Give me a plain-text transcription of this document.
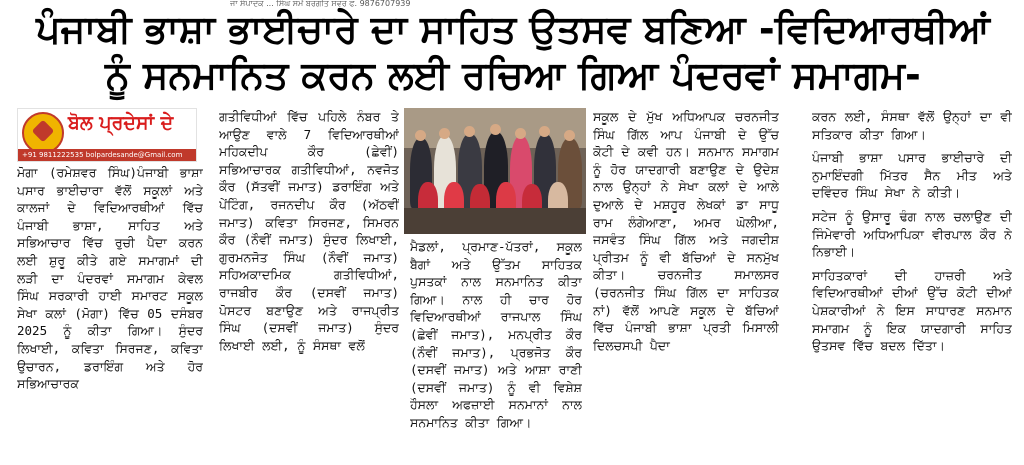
ਜਾ ਸੰਪਾਦਕ ... ਸਿੰਘ ਸਮੇਂ ਬਰਗੀਤ ਸਵਰ ਫ. 9876707939
ਪੰਜਾਬੀ ਭਾਸ਼ਾ ਭਾਈਚਾਰੇ ਦਾ ਸਾਹਿਤ ਉਤਸਵ ਬਣਿਆ -ਵਿਦਿਆਰਥੀਆਂ
ਨੂੰ ਸਨਮਾਨਿਤ ਕਰਨ ਲਈ ਰਚਿਆ ਗਿਆ ਪੰਦਰਵਾਂ ਸਮਾਗਮ-
ਬੋਲ ਪ੍ਰਦੇਸਾਂ ਦੇ
+91 9811222535 bolpardesande@Gmail.com

ਮੋਗਾ (ਰਮੇਸ਼ਵਰ ਸਿੰਘ)ਪੰਜਾਬੀ ਭਾਸ਼ਾ ਪਸਾਰ ਭਾਈਚਾਰਾ ਵੱਲੋਂ ਸਕੂਲਾਂ ਅਤੇ ਕਾਲਜਾਂ ਦੇ ਵਿਦਿਆਰਥੀਆਂ ਵਿੱਚ ਪੰਜਾਬੀ ਭਾਸ਼ਾ, ਸਾਹਿਤ ਅਤੇ ਸਭਿਆਚਾਰ ਵਿੱਚ ਰੁਚੀ ਪੈਦਾ ਕਰਨ ਲਈ ਸ਼ੁਰੂ ਕੀਤੇ ਗਏ ਸਮਾਗਮਾਂ ਦੀ ਲੜੀ ਦਾ ਪੰਦਰਵਾਂ ਸਮਾਗਮ ਕੇਵਲ ਸਿੰਘ ਸਰਕਾਰੀ ਹਾਈ ਸਮਾਰਟ ਸਕੂਲ ਸੇਖਾ ਕਲਾਂ (ਮੋਗਾ) ਵਿੱਚ 05 ਦਸੰਬਰ 2025 ਨੂੰ ਕੀਤਾ ਗਿਆ। ਸੁੰਦਰ ਲਿਖਾਈ, ਕਵਿਤਾ ਸਿਰਜਣ, ਕਵਿਤਾ ਉਚਾਰਨ, ਡਰਾਇੰਗ ਅਤੇ ਹੋਰ ਸਭਿਆਚਾਰਕ

ਗਤੀਵਿਧੀਆਂ ਵਿੱਚ ਪਹਿਲੇ ਨੰਬਰ ਤੇ ਆਉਣ ਵਾਲੇ 7 ਵਿਦਿਆਰਥੀਆਂ ਮਹਿਕਦੀਪ ਕੌਰ (ਛੇਵੀਂ) ਸਭਿਆਚਾਰਕ ਗਤੀਵਿਧੀਆਂ, ਨਵਜੋਤ ਕੌਰ (ਸੱਤਵੀਂ ਜਮਾਤ) ਡਰਾਇੰਗ ਅਤੇ ਪੇਂਟਿੰਗ, ਰਜਨਦੀਪ ਕੌਰ (ਅੱਠਵੀਂ ਜਮਾਤ) ਕਵਿਤਾ ਸਿਰਜਣ, ਸਿਮਰਨ ਕੌਰ (ਨੌਵੀਂ ਜਮਾਤ) ਸੁੰਦਰ ਲਿਖਾਈ, ਗੁਰਮਨਜੋਤ ਸਿੰਘ (ਨੌਵੀਂ ਜਮਾਤ) ਸਹਿਅਕਾਦਮਿਕ ਗਤੀਵਿਧੀਆਂ, ਰਾਜਬੀਰ ਕੌਰ (ਦਸਵੀਂ ਜਮਾਤ) ਪੋਸਟਰ ਬਣਾਉਣ ਅਤੇ ਰਾਜਪ੍ਰੀਤ ਸਿੰਘ (ਦਸਵੀਂ ਜਮਾਤ) ਸੁੰਦਰ ਲਿਖਾਈ ਲਈ, ਨੂੰ ਸੰਸਥਾ ਵਲੋਂ

ਮੈਡਲਾਂ, ਪ੍ਰਮਾਣ-ਪੱਤਰਾਂ, ਸਕੂਲ ਬੈਗਾਂ ਅਤੇ ਉੱਤਮ ਸਾਹਿਤਕ ਪੁਸਤਕਾਂ ਨਾਲ ਸਨਮਾਨਿਤ ਕੀਤਾ ਗਿਆ। ਨਾਲ ਹੀ ਚਾਰ ਹੋਰ ਵਿਦਿਆਰਥੀਆਂ ਰਾਜਪਾਲ ਸਿੰਘ (ਛੇਵੀਂ ਜਮਾਤ), ਮਨਪ੍ਰੀਤ ਕੌਰ (ਨੌਵੀਂ ਜਮਾਤ), ਪ੍ਰਭਜੋਤ ਕੌਰ (ਦਸਵੀਂ ਜਮਾਤ) ਅਤੇ ਆਸ਼ਾ ਰਾਣੀ (ਦਸਵੀਂ ਜਮਾਤ) ਨੂੰ ਵੀ ਵਿਸ਼ੇਸ਼ ਹੌਸਲਾ ਅਫਜ਼ਾਈ ਸਨਮਾਨਾਂ ਨਾਲ ਸਨਮਾਨਿਤ ਕੀਤਾ ਗਿਆ।

ਸਕੂਲ ਦੇ ਮੁੱਖ ਅਧਿਆਪਕ ਚਰਨਜੀਤ ਸਿੰਘ ਗਿੱਲ ਆਪ ਪੰਜਾਬੀ ਦੇ ਉੱਚ ਕੋਟੀ ਦੇ ਕਵੀ ਹਨ। ਸਨਮਾਨ ਸਮਾਗਮ ਨੂੰ ਹੋਰ ਯਾਦਗਾਰੀ ਬਣਾਉਣ ਦੇ ਉਦੇਸ਼ ਨਾਲ ਉਨ੍ਹਾਂ ਨੇ ਸੇਖਾ ਕਲਾਂ ਦੇ ਆਲੇ ਦੁਆਲੇ ਦੇ ਮਸ਼ਹੂਰ ਲੇਖਕਾਂ ਡਾ ਸਾਧੂ ਰਾਮ ਲੰਗੇਆਣਾ, ਅਮਰ ਘੋਲੀਆ, ਜਸਵੰਤ ਸਿੰਘ ਗਿੱਲ ਅਤੇ ਜਗਦੀਸ਼ ਪ੍ਰੀਤਮ ਨੂੰ ਵੀ ਬੱਚਿਆਂ ਦੇ ਸਨਮੁੱਖ ਕੀਤਾ। ਚਰਨਜੀਤ ਸਮਾਲਸਰ (ਚਰਨਜੀਤ ਸਿੰਘ ਗਿੱਲ ਦਾ ਸਾਹਿਤਕ ਨਾਂ) ਵੱਲੋਂ ਆਪਣੇ ਸਕੂਲ ਦੇ ਬੱਚਿਆਂ ਵਿੱਚ ਪੰਜਾਬੀ ਭਾਸ਼ਾ ਪ੍ਰਤੀ ਮਿਸਾਲੀ ਦਿਲਚਸਪੀ ਪੈਦਾ

ਕਰਨ ਲਈ, ਸੰਸਥਾ ਵੱਲੋਂ ਉਨ੍ਹਾਂ ਦਾ ਵੀ ਸਤਿਕਾਰ ਕੀਤਾ ਗਿਆ।

ਪੰਜਾਬੀ ਭਾਸ਼ਾ ਪਸਾਰ ਭਾਈਚਾਰੇ ਦੀ ਨੁਮਾਇੰਦਗੀ ਮਿੱਤਰ ਸੈਨ ਮੀਤ ਅਤੇ ਦਵਿੰਦਰ ਸਿੰਘ ਸੇਖਾ ਨੇ ਕੀਤੀ।

ਸਟੇਜ ਨੂੰ ਉਸਾਰੂ ਢੰਗ ਨਾਲ ਚਲਾਉਣ ਦੀ ਜਿੰਮੇਵਾਰੀ ਅਧਿਆਪਿਕਾ ਵੀਰਪਾਲ ਕੌਰ ਨੇ ਨਿਭਾਈ।

ਸਾਹਿਤਕਾਰਾਂ ਦੀ ਹਾਜ਼ਰੀ ਅਤੇ ਵਿਦਿਆਰਥੀਆਂ ਦੀਆਂ ਉੱਚ ਕੋਟੀ ਦੀਆਂ ਪੇਸ਼ਕਾਰੀਆਂ ਨੇ ਇਸ ਸਾਧਾਰਣ ਸਨਮਾਨ ਸਮਾਗਮ ਨੂੰ ਇਕ ਯਾਦਗਾਰੀ ਸਾਹਿਤ ਉਤਸਵ ਵਿੱਚ ਬਦਲ ਦਿੱਤਾ।
